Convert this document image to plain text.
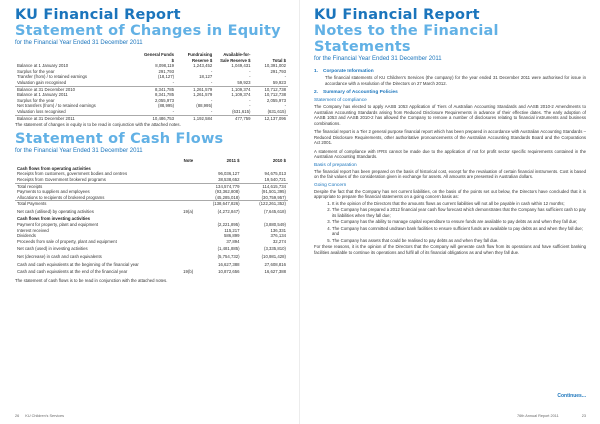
KU Financial Report
Statement of Changes in Equity
for the Financial Year Ended 31 December 2011
	General Funds $	Fundraising Reserve $	Available-for-Sale Reserve $	Total $
Balance at 1 January 2010	8,098,119	1,243,452	1,049,431	10,391,002
Surplus for the year	291,793	-	-	291,793
Transfer (from) / to retained earnings	(18,127)	18,127	-	-
Valuation gain recognised	-	-	59,923	59,923
Balance at 31 December 2010	8,341,785	1,261,579	1,109,374	10,712,738
Balance at 1 January 2011	8,341,785	1,261,579	1,109,374	10,712,738
Surplus for the year	2,055,973	-	-	2,055,973
Net transfers (from) / to retained earnings	(88,995)	(88,995)	-	-
Valuation loss recognised	-	-	(631,615)	(631,615)
Balance at 31 December 2011	10,486,753	1,192,584	477,759	12,137,096
The statement of changes in equity is to be read in conjunction with the attached notes.
Statement of Cash Flows
for the Financial Year Ended 31 December 2011
	Note	2011 $	2010 $
Cash flows from operating activities			
Receipts from customers, government bodies and centres		96,036,127	94,675,013
Receipts from Government brokered programs		38,538,652	19,540,721
Total receipts		134,574,779	114,615,734
Payments to suppliers and employees		(93,362,808)	(91,501,395)
Allocations to recipients of brokered programs		(45,285,018)	(30,759,957)
Total Payments		(138,647,826)	(122,261,352)
Net cash (utilised) by operating activities	19(a)	(4,272,847)	(7,645,618)
Cash flows from investing activities			
Payment for property, plant and equipment		(2,221,895)	(3,880,549)
Interest received		115,217	136,331
Dividends		586,899	376,134
Proceeds from sale of property, plant and equipment		37,894	32,274
Net cash (used) in investing activities		(1,481,885)	(3,335,810)
Net (decrease) in cash and cash equivalents		(5,754,732)	(10,981,428)
Cash and cash equivalents at the beginning of the financial year		16,627,388	27,608,816
Cash and cash equivalents at the end of the financial year	19(b)	10,872,656	16,627,388
The statement of cash flows is to be read in conjunction with the attached notes.
26 KU Children's Services
KU Financial Report
Notes to the Financial Statements
for the Financial Year Ended 31 December 2011
1. Corporate Information

The financial statements of KU Children's Services (the company) for the year ended 31 December 2011 were authorised for issue in accordance with a resolution of the Directors on 27 March 2012.

2. Summary of Accounting Policies
Statement of compliance

The Company has elected to apply AASB 1053 Application of Tiers of Australian Accounting Standards and AASB 2010-2 Amendments to Australian Accounting Standards arising from Reduced Disclosure Requirements in advance of their effective dates. The early adoption of AASB 1053 and AASB 2010-2 has allowed the Company to remove a number of disclosures relating to financial instruments and business combinations.

The financial report is a Tier 2 general purpose financial report which has been prepared in accordance with Australian Accounting Standards – Reduced Disclosure Requirements, other authoritative pronouncements of the Australian Accounting Standards Board and the Corporations Act 2001.

A statement of compliance with IFRS cannot be made due to the application of not for profit sector specific requirements contained in the Australian Accounting Standards.

Basis of preparation

The financial report has been prepared on the basis of historical cost, except for the revaluation of certain financial instruments. Cost is based on the fair values of the consideration given in exchange for assets. All amounts are presented in Australian dollars.

Going Concern

Despite the fact that the Company has net current liabilities, on the basis of the points set out below, the Directors have concluded that it is appropriate to prepare the financial statements on a going concern basis as:

1. It is the opinion of the Directors that the amounts flows as current liabilities will not all be payable in cash within 12 months;
2. The Company has prepared a 2012 financial year cash flow forecast which demonstrates that the Company has sufficient cash to pay its liabilities when they fall due;
3. The Company has the ability to manage capital expenditure to ensure funds are available to pay debts as and when they fall due;
4. The Company has committed undrawn bank facilities to ensure sufficient funds are available to pay debts as and when they fall due; and
5. The Company has assets that could be realised to pay debts as and when they fall due.

For these reasons, it is the opinion of the Directors that the Company will generate cash flow from its operations and have sufficient banking facilities available to continue its operations and fulfil all of its financial obligations as and when they fall due.

Continues...
76th Annual Report 2011	23
